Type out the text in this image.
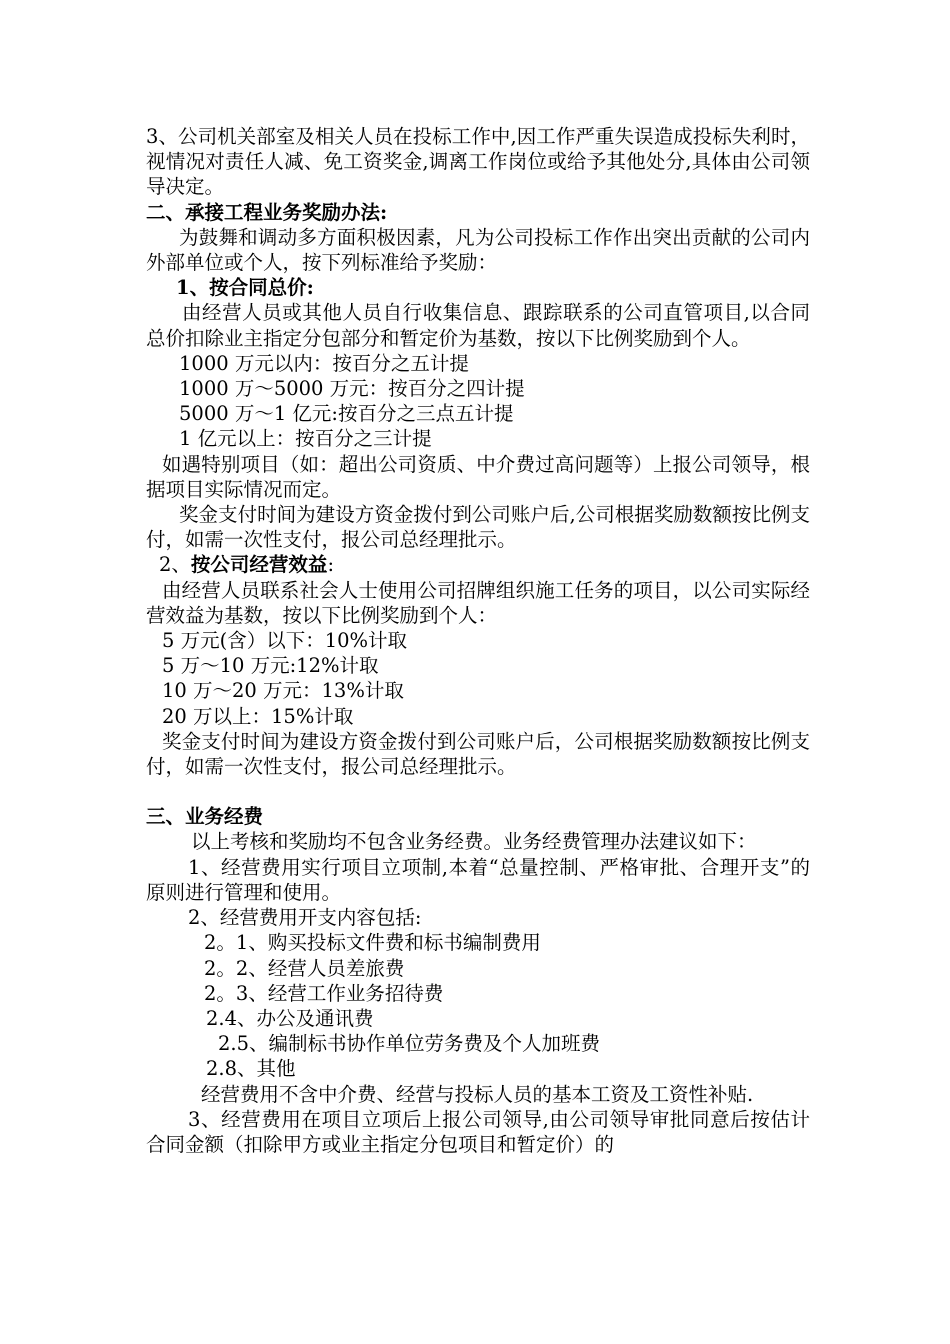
3、公司机关部室及相关人员在投标工作中,因工作严重失误造成投标失利时，视情况对责任人减、免工资奖金,调离工作岗位或给予其他处分,具体由公司领导决定。

二、承接工程业务奖励办法:

为鼓舞和调动多方面积极因素，凡为公司投标工作作出突出贡献的公司内外部单位或个人，按下列标准给予奖励：

1、按合同总价:

由经营人员或其他人员自行收集信息、跟踪联系的公司直管项目,以合同总价扣除业主指定分包部分和暂定价为基数，按以下比例奖励到个人。

1000 万元以内：按百分之五计提

1000 万～5000 万元：按百分之四计提

5000 万～1 亿元:按百分之三点五计提

1 亿元以上：按百分之三计提

如遇特别项目（如：超出公司资质、中介费过高问题等）上报公司领导，根据项目实际情况而定。

奖金支付时间为建设方资金拨付到公司账户后,公司根据奖励数额按比例支付，如需一次性支付，报公司总经理批示。

2、按公司经营效益:

由经营人员联系社会人士使用公司招牌组织施工任务的项目，以公司实际经营效益为基数，按以下比例奖励到个人：

5 万元(含）以下：10%计取

5 万～10 万元:12%计取

10 万～20 万元：13%计取

20 万以上：15%计取

奖金支付时间为建设方资金拨付到公司账户后，公司根据奖励数额按比例支付，如需一次性支付，报公司总经理批示。

三、业务经费

以上考核和奖励均不包含业务经费。业务经费管理办法建议如下：

1、经营费用实行项目立项制,本着“总量控制、严格审批、合理开支”的原则进行管理和使用。

2、经营费用开支内容包括:

2。1、购买投标文件费和标书编制费用

2。2、经营人员差旅费

2。3、经营工作业务招待费

2.4、办公及通讯费

2.5、编制标书协作单位劳务费及个人加班费

2.8、其他

经营费用不含中介费、经营与投标人员的基本工资及工资性补贴.

3、经营费用在项目立项后上报公司领导,由公司领导审批同意后按估计合同金额（扣除甲方或业主指定分包项目和暂定价）的
